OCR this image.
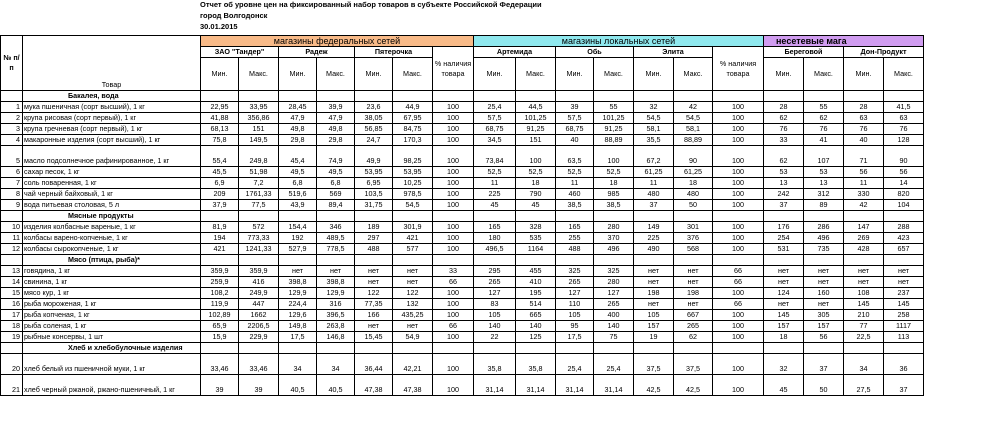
Отчет об уровне цен на фиксированный набор товаров в субъекте Российской Федерации
город Волгодонск
30.01.2015
№ п/п	Товар	магазины федеральных сетей							магазины локальных сетей							несетевые мага			
		ЗАО "Тандер"		Радеж		Пятерочка		% наличия товара	Артемида		Обь		Элита		% наличия товара	Береговой		Дон-Продукт	
		Мин.	Макс.	Мин.	Макс.	Мин.	Макс.		Мин.	Макс.	Мин.	Макс.	Мин.	Макс.		Мин.	Макс.	Мин.	Макс.
	Бакалея, вода																		
1	мука пшеничная (сорт высший), 1 кг	22,95	33,95	28,45	39,9	23,6	44,9	100	25,4	44,5	39	55	32	42	100	28	55	28	41,5
2	крупа рисовая (сорт первый), 1 кг	41,88	356,86	47,9	47,9	38,05	67,95	100	57,5	101,25	57,5	101,25	54,5	54,5	100	62	62	63	63
3	крупа гречневая (сорт первый), 1 кг	68,13	151	49,8	49,8	56,85	84,75	100	68,75	91,25	68,75	91,25	58,1	58,1	100	76	76	76	76
4	макаронные изделия (сорт высший), 1 кг	75,8	149,5	29,8	29,8	24,7	170,3	100	34,5	151	40	88,89	35,5	88,89	100	33	41	40	128
5	масло подсолнечное рафинированное, 1 кг	55,4	249,8	45,4	74,9	49,9	98,25	100	73,84	100	63,5	100	67,2	90	100	62	107	71	90
6	сахар песок, 1 кг	45,5	51,98	49,5	49,5	53,95	53,95	100	52,5	52,5	52,5	52,5	61,25	61,25	100	53	53	56	56
7	соль поваренная, 1 кг	6,9	7,2	6,8	6,8	6,95	10,25	100	11	18	11	18	11	18	100	13	13	11	14
8	чай черный байховый, 1 кг	209	1761,33	519,6	569	103,5	978,5	100	225	790	460	985	480	480	100	242	312	330	820
9	вода питьевая столовая, 5 л	37,9	77,5	43,9	89,4	31,75	54,5	100	45	45	38,5	38,5	37	50	100	37	89	42	104
	Мясные продукты																		
10	изделия колбасные вареные, 1 кг	81,9	572	154,4	346	189	301,9	100	165	328	165	280	149	301	100	176	286	147	288
11	колбасы варено-копченые, 1 кг	194	773,33	192	489,5	297	421	100	180	535	255	370	225	376	100	254	496	269	423
12	колбасы сырокопченые, 1 кг	421	1241,33	527,9	778,5	488	577	100	496,5	1164	488	496	490	568	100	531	735	428	657
	Мясо (птица, рыба)*																		
13	говядина, 1 кг	359,9	359,9	нет	нет	нет	нет	33	295	455	325	325	нет	нет	66	нет	нет	нет	нет
14	свинина, 1 кг	259,9	416	398,8	398,8	нет	нет	66	265	410	265	280	нет	нет	66	нет	нет	нет	нет
15	мясо кур, 1 кг	108,2	249,9	129,9	129,9	122	122	100	127	195	127	127	198	198	100	124	160	108	237
16	рыба мороженая, 1 кг	119,9	447	224,4	316	77,35	132	100	83	514	110	265	нет	нет	66	нет	нет	145	145
17	рыба копченая, 1 кг	102,89	1662	129,6	396,5	166	435,25	100	105	665	105	400	105	667	100	145	305	210	258
18	рыба соленая, 1 кг	65,9	2206,5	149,8	263,8	нет	нет	66	140	140	95	140	157	265	100	157	157	77	1117
19	рыбные консервы, 1 шт	15,9	229,9	17,5	146,8	15,45	54,9	100	22	125	17,5	75	19	62	100	18	56	22,5	113
	Хлеб и хлебобулочные изделия																		
20	хлеб белый из пшеничной муки, 1 кг	33,46	33,46	34	34	36,44	42,21	100	35,8	35,8	25,4	25,4	37,5	37,5	100	32	37	34	36
21	хлеб черный ржаной, ржано-пшеничный, 1 кг	39	39	40,5	40,5	47,38	47,38	100	31,14	31,14	31,14	31,14	42,5	42,5	100	45	50	27,5	37
